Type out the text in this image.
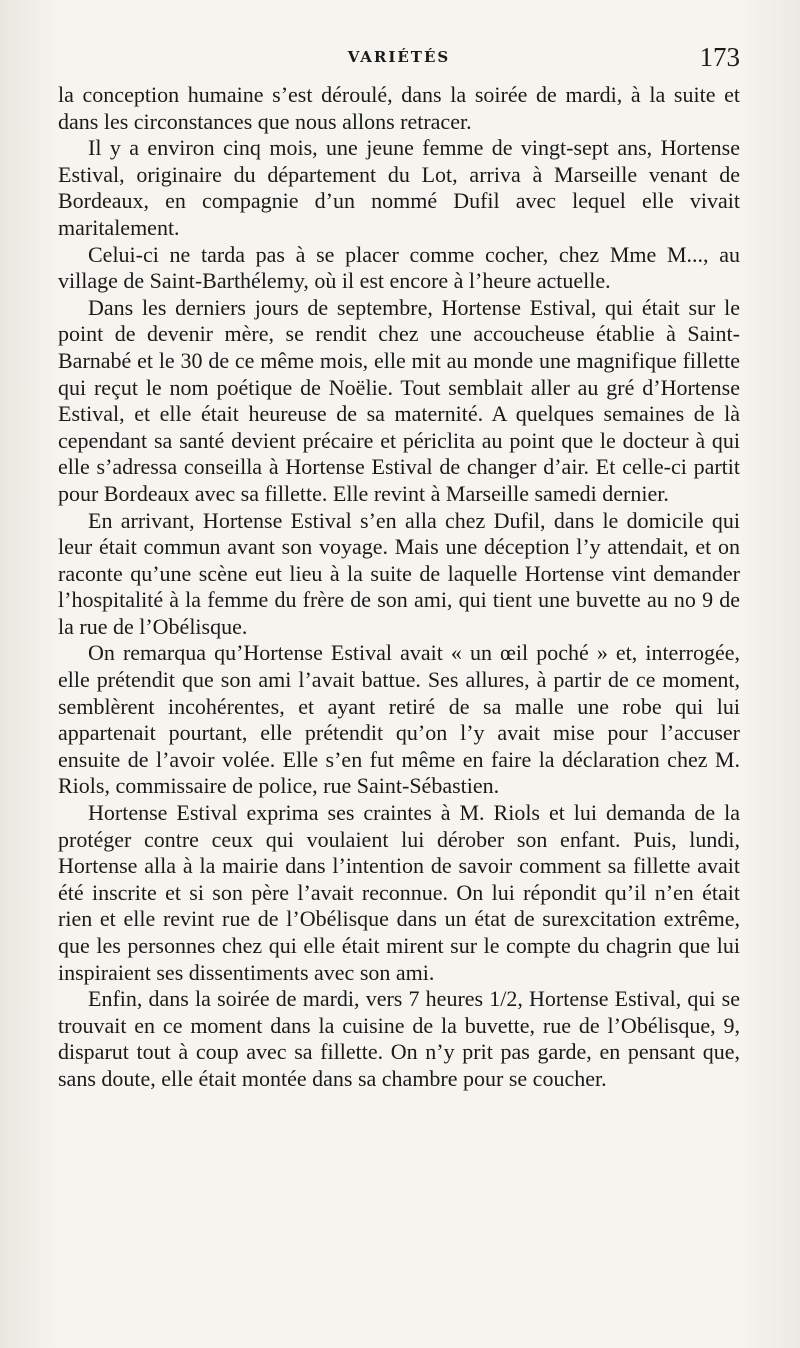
VARIÉTÉS	173

la conception humaine s’est déroulé, dans la soirée de mardi, à la suite et dans les circonstances que nous allons retracer.

Il y a environ cinq mois, une jeune femme de vingt-sept ans, Hortense Estival, originaire du département du Lot, arriva à Marseille venant de Bordeaux, en compagnie d’un nommé Dufil avec lequel elle vivait maritalement.

Celui-ci ne tarda pas à se placer comme cocher, chez Mme M..., au village de Saint-Barthélemy, où il est encore à l’heure actuelle.

Dans les derniers jours de septembre, Hortense Estival, qui était sur le point de devenir mère, se rendit chez une accoucheuse établie à Saint-Barnabé et le 30 de ce même mois, elle mit au monde une magnifique fillette qui reçut le nom poétique de Noëlie. Tout semblait aller au gré d’Hortense Estival, et elle était heureuse de sa maternité. A quelques semaines de là cependant sa santé devient précaire et périclita au point que le docteur à qui elle s’adressa conseilla à Hortense Estival de changer d’air. Et celle-ci partit pour Bordeaux avec sa fillette. Elle revint à Marseille samedi dernier.

En arrivant, Hortense Estival s’en alla chez Dufil, dans le domicile qui leur était commun avant son voyage. Mais une déception l’y attendait, et on raconte qu’une scène eut lieu à la suite de laquelle Hortense vint demander l’hospitalité à la femme du frère de son ami, qui tient une buvette au no 9 de la rue de l’Obélisque.

On remarqua qu’Hortense Estival avait « un œil poché » et, interrogée, elle prétendit que son ami l’avait battue. Ses allures, à partir de ce moment, semblèrent incohérentes, et ayant retiré de sa malle une robe qui lui appartenait pourtant, elle prétendit qu’on l’y avait mise pour l’accuser ensuite de l’avoir volée. Elle s’en fut même en faire la déclaration chez M. Riols, commissaire de police, rue Saint-Sébastien.

Hortense Estival exprima ses craintes à M. Riols et lui demanda de la protéger contre ceux qui voulaient lui dérober son enfant. Puis, lundi, Hortense alla à la mairie dans l’intention de savoir comment sa fillette avait été inscrite et si son père l’avait reconnue. On lui répondit qu’il n’en était rien et elle revint rue de l’Obélisque dans un état de surexcitation extrême, que les personnes chez qui elle était mirent sur le compte du chagrin que lui inspiraient ses dissentiments avec son ami.

Enfin, dans la soirée de mardi, vers 7 heures 1/2, Hortense Estival, qui se trouvait en ce moment dans la cuisine de la buvette, rue de l’Obélisque, 9, disparut tout à coup avec sa fillette. On n’y prit pas garde, en pensant que, sans doute, elle était montée dans sa chambre pour se coucher.
